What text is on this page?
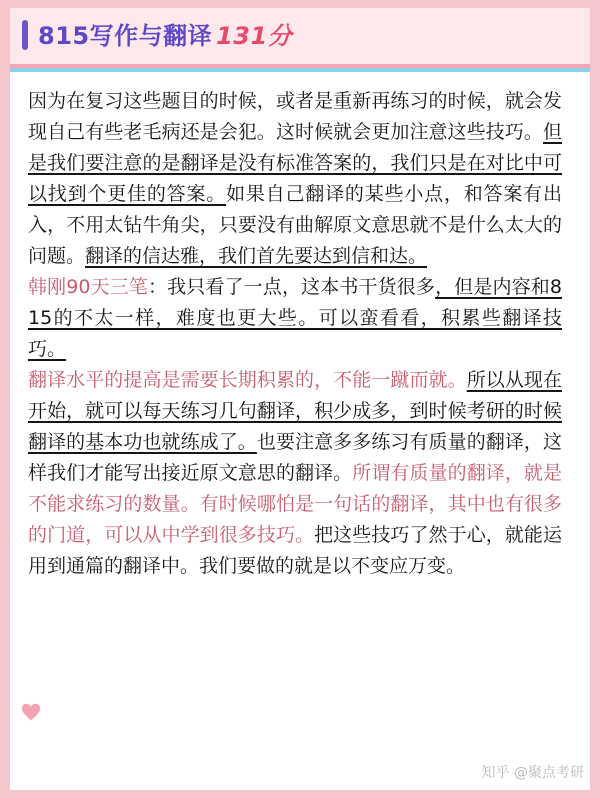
815写作与翻译 131分
因为在复习这些题目的时候，或者是重新再练习的时候，就会发现自己有些老毛病还是会犯。这时候就会更加注意这些技巧。但是我们要注意的是翻译是没有标准答案的，我们只是在对比中可以找到个更佳的答案。如果自己翻译的某些小点，和答案有出入，不用太钻牛角尖，只要没有曲解原文意思就不是什么太大的问题。翻译的信达雅，我们首先要达到信和达。
韩刚90天三笔：我只看了一点，这本书干货很多，但是内容和815的不太一样，难度也更大些。可以蛮看看，积累些翻译技巧。
翻译水平的提高是需要长期积累的，不能一蹴而就。所以从现在开始，就可以每天练习几句翻译，积少成多，到时候考研的时候翻译的基本功也就练成了。也要注意多多练习有质量的翻译，这样我们才能写出接近原文意思的翻译。所谓有质量的翻译，就是不能求练习的数量。有时候哪怕是一句话的翻译，其中也有很多的门道，可以从中学到很多技巧。把这些技巧了然于心，就能运用到通篇的翻译中。我们要做的就是以不变应万变。
知乎 @聚点考研
